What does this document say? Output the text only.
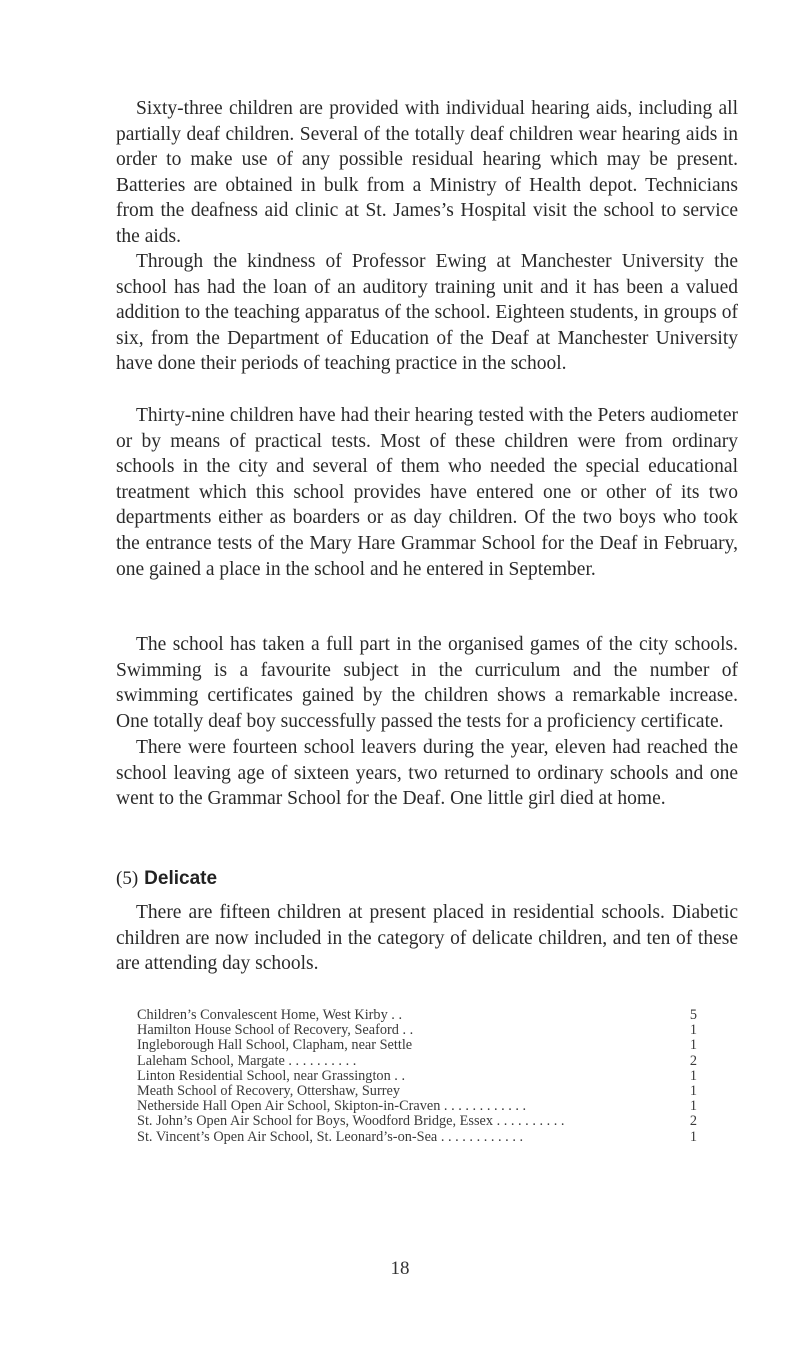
Sixty-three children are provided with individual hearing aids, including all partially deaf children. Several of the totally deaf children wear hearing aids in order to make use of any possible residual hearing which may be present. Batteries are obtained in bulk from a Ministry of Health depot. Technicians from the deafness aid clinic at St. James’s Hospital visit the school to service the aids.

Through the kindness of Professor Ewing at Manchester University the school has had the loan of an auditory training unit and it has been a valued addition to the teaching apparatus of the school. Eighteen students, in groups of six, from the Department of Education of the Deaf at Manchester University have done their periods of teaching practice in the school.

Thirty-nine children have had their hearing tested with the Peters audiometer or by means of practical tests. Most of these children were from ordinary schools in the city and several of them who needed the special educational treatment which this school provides have entered one or other of its two departments either as boarders or as day children. Of the two boys who took the entrance tests of the Mary Hare Grammar School for the Deaf in February, one gained a place in the school and he entered in September.

The school has taken a full part in the organised games of the city schools. Swimming is a favourite subject in the curriculum and the number of swimming certificates gained by the children shows a remarkable increase. One totally deaf boy successfully passed the tests for a proficiency certificate.

There were fourteen school leavers during the year, eleven had reached the school leaving age of sixteen years, two returned to ordinary schools and one went to the Grammar School for the Deaf. One little girl died at home.

(5) Delicate

There are fifteen children at present placed in residential schools. Diabetic children are now included in the category of delicate children, and ten of these are attending day schools.

Children’s Convalescent Home, West Kirby . .	5
Hamilton House School of Recovery, Seaford . .	1
Ingleborough Hall School, Clapham, near Settle	1
Laleham School, Margate . . . . . . . . . .	2
Linton Residential School, near Grassington . .	1
Meath School of Recovery, Ottershaw, Surrey	1
Netherside Hall Open Air School, Skipton-in-Craven . . . . . . . . . . . .	1
St. John’s Open Air School for Boys, Woodford Bridge, Essex . . . . . . . . . .	2
St. Vincent’s Open Air School, St. Leonard’s-on-Sea . . . . . . . . . . . .	1
18
